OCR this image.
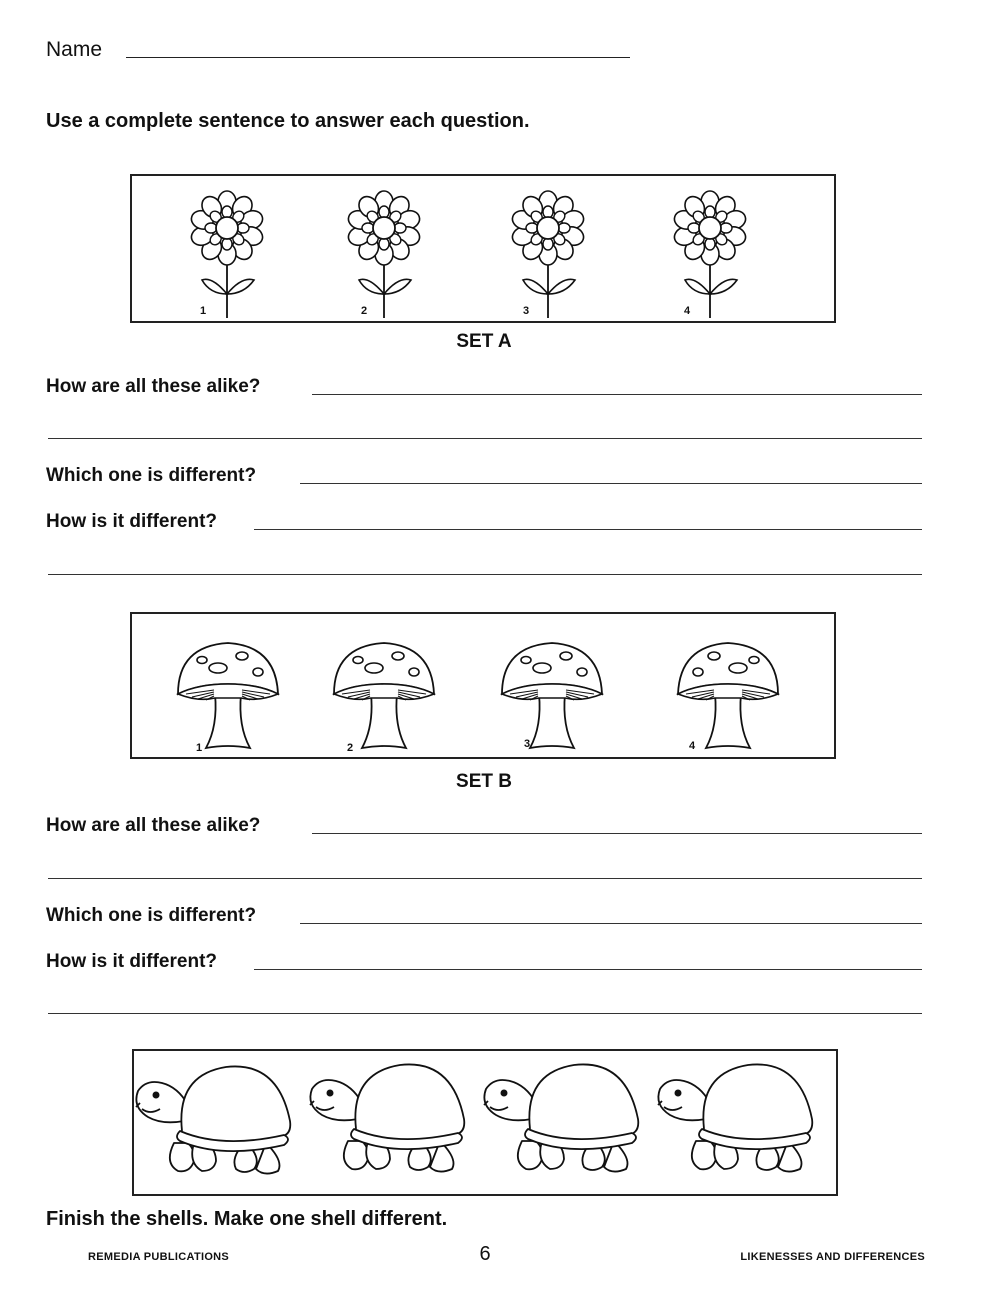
Name
Use a complete sentence to answer each question.
1	2	3	4
SET A
How are all these alike?
Which one is different?
How is it different?
1	2	3	4
SET B
How are all these alike?
Which one is different?
How is it different?
Finish the shells. Make one shell different.
REMEDIA PUBLICATIONS	6	LIKENESSES AND DIFFERENCES
